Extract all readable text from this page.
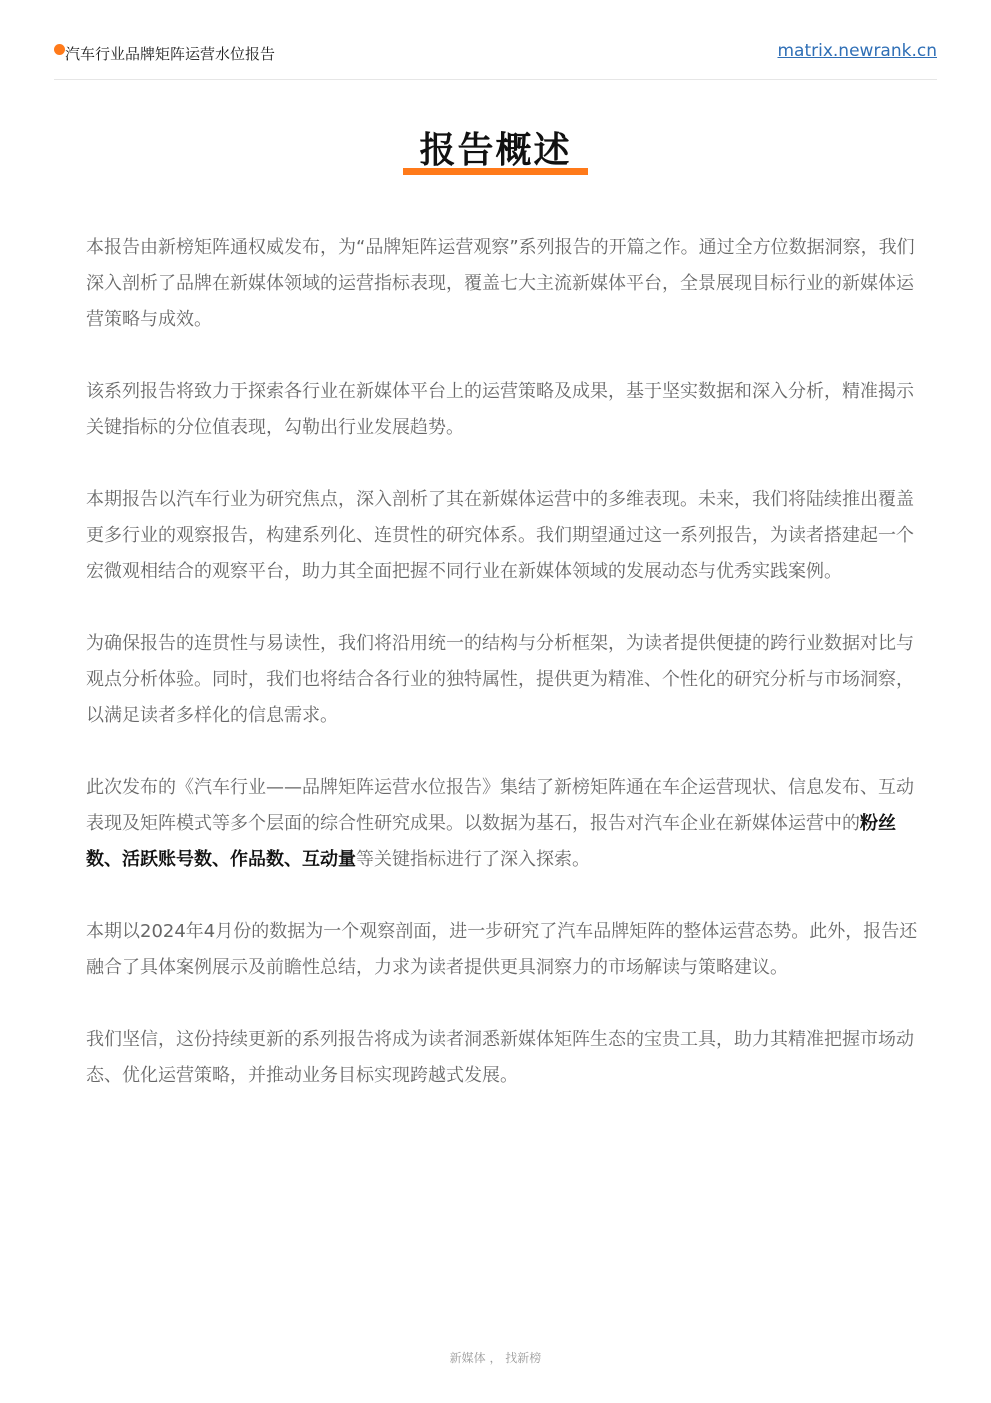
汽车行业品牌矩阵运营水位报告	matrix.newrank.cn
报告概述

本报告由新榜矩阵通权威发布，为“品牌矩阵运营观察”系列报告的开篇之作。通过全方位数据洞察，我们深入剖析了品牌在新媒体领域的运营指标表现，覆盖七大主流新媒体平台，全景展现目标行业的新媒体运营策略与成效。

该系列报告将致力于探索各行业在新媒体平台上的运营策略及成果，基于坚实数据和深入分析，精准揭示关键指标的分位值表现，勾勒出行业发展趋势。

本期报告以汽车行业为研究焦点，深入剖析了其在新媒体运营中的多维表现。未来，我们将陆续推出覆盖更多行业的观察报告，构建系列化、连贯性的研究体系。我们期望通过这一系列报告，为读者搭建起一个宏微观相结合的观察平台，助力其全面把握不同行业在新媒体领域的发展动态与优秀实践案例。

为确保报告的连贯性与易读性，我们将沿用统一的结构与分析框架，为读者提供便捷的跨行业数据对比与观点分析体验。同时，我们也将结合各行业的独特属性，提供更为精准、个性化的研究分析与市场洞察，以满足读者多样化的信息需求。

此次发布的《汽车行业——品牌矩阵运营水位报告》集结了新榜矩阵通在车企运营现状、信息发布、互动表现及矩阵模式等多个层面的综合性研究成果。以数据为基石，报告对汽车企业在新媒体运营中的粉丝数、活跃账号数、作品数、互动量等关键指标进行了深入探索。

本期以2024年4月份的数据为一个观察剖面，进一步研究了汽车品牌矩阵的整体运营态势。此外，报告还融合了具体案例展示及前瞻性总结，力求为读者提供更具洞察力的市场解读与策略建议。

我们坚信，这份持续更新的系列报告将成为读者洞悉新媒体矩阵生态的宝贵工具，助力其精准把握市场动态、优化运营策略，并推动业务目标实现跨越式发展。

新媒体 ， 找新榜
